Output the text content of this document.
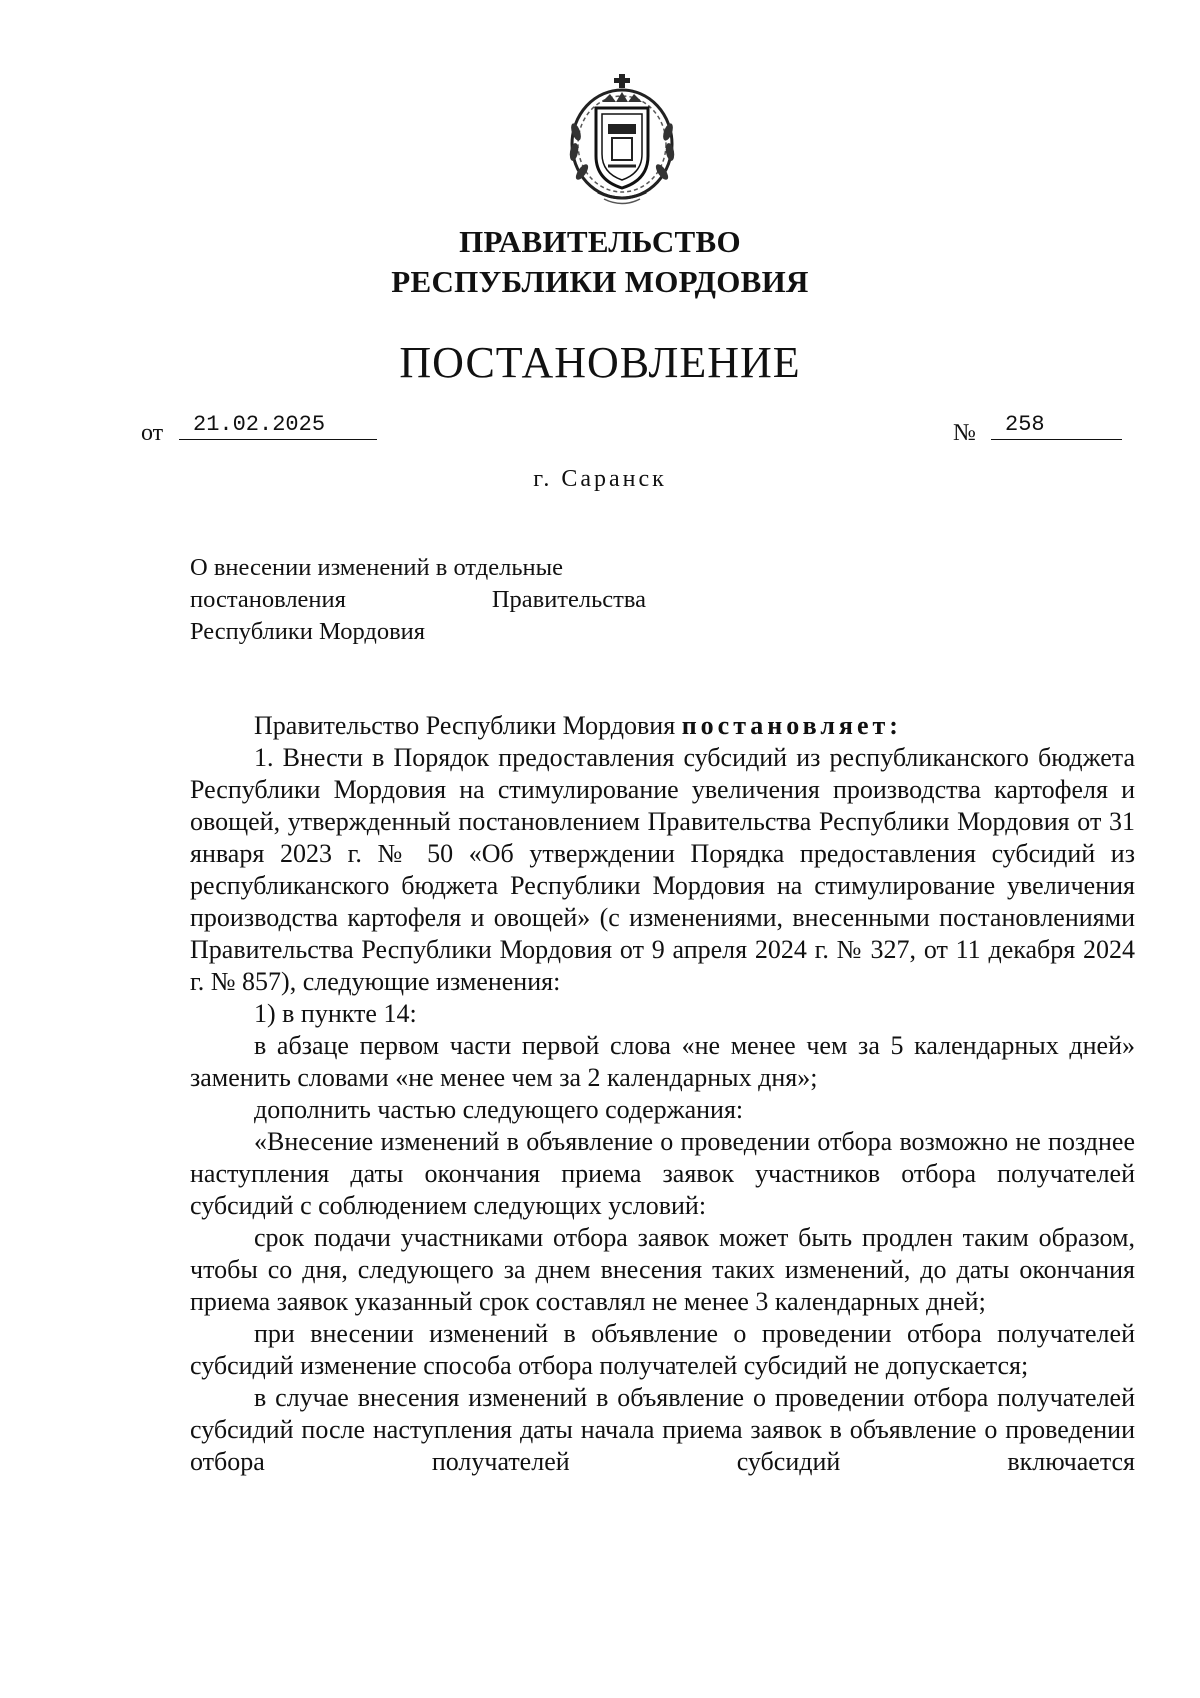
ПРАВИТЕЛЬСТВО
РЕСПУБЛИКИ МОРДОВИЯ
ПОСТАНОВЛЕНИЕ
от	21.02.2025	№	258
г. Саранск
О внесении изменений в отдельные
постановления	Правительства
Республики Мордовия

Правительство Республики Мордовия постановляет:

1. Внести в Порядок предоставления субсидий из республиканского бюджета Республики Мордовия на стимулирование увеличения производства картофеля и овощей, утвержденный постановлением Правительства Республики Мордовия от 31 января 2023 г. № 50 «Об утверждении Порядка предоставления субсидий из республиканского бюджета Республики Мордовия на стимулирование увеличения производства картофеля и овощей» (с изменениями, внесенными постановлениями Правительства Республики Мордовия от 9 апреля 2024 г. № 327, от 11 декабря 2024 г. № 857), следующие изменения:

1) в пункте 14:

в абзаце первом части первой слова «не менее чем за 5 календарных дней» заменить словами «не менее чем за 2 календарных дня»;

дополнить частью следующего содержания:

«Внесение изменений в объявление о проведении отбора возможно не позднее наступления даты окончания приема заявок участников отбора получателей субсидий с соблюдением следующих условий:

срок подачи участниками отбора заявок может быть продлен таким образом, чтобы со дня, следующего за днем внесения таких изменений, до даты окончания приема заявок указанный срок составлял не менее 3 календарных дней;

при внесении изменений в объявление о проведении отбора получателей субсидий изменение способа отбора получателей субсидий не допускается;

в случае внесения изменений в объявление о проведении отбора получателей субсидий после наступления даты начала приема заявок в объявление о проведении отбора получателей субсидий включается
